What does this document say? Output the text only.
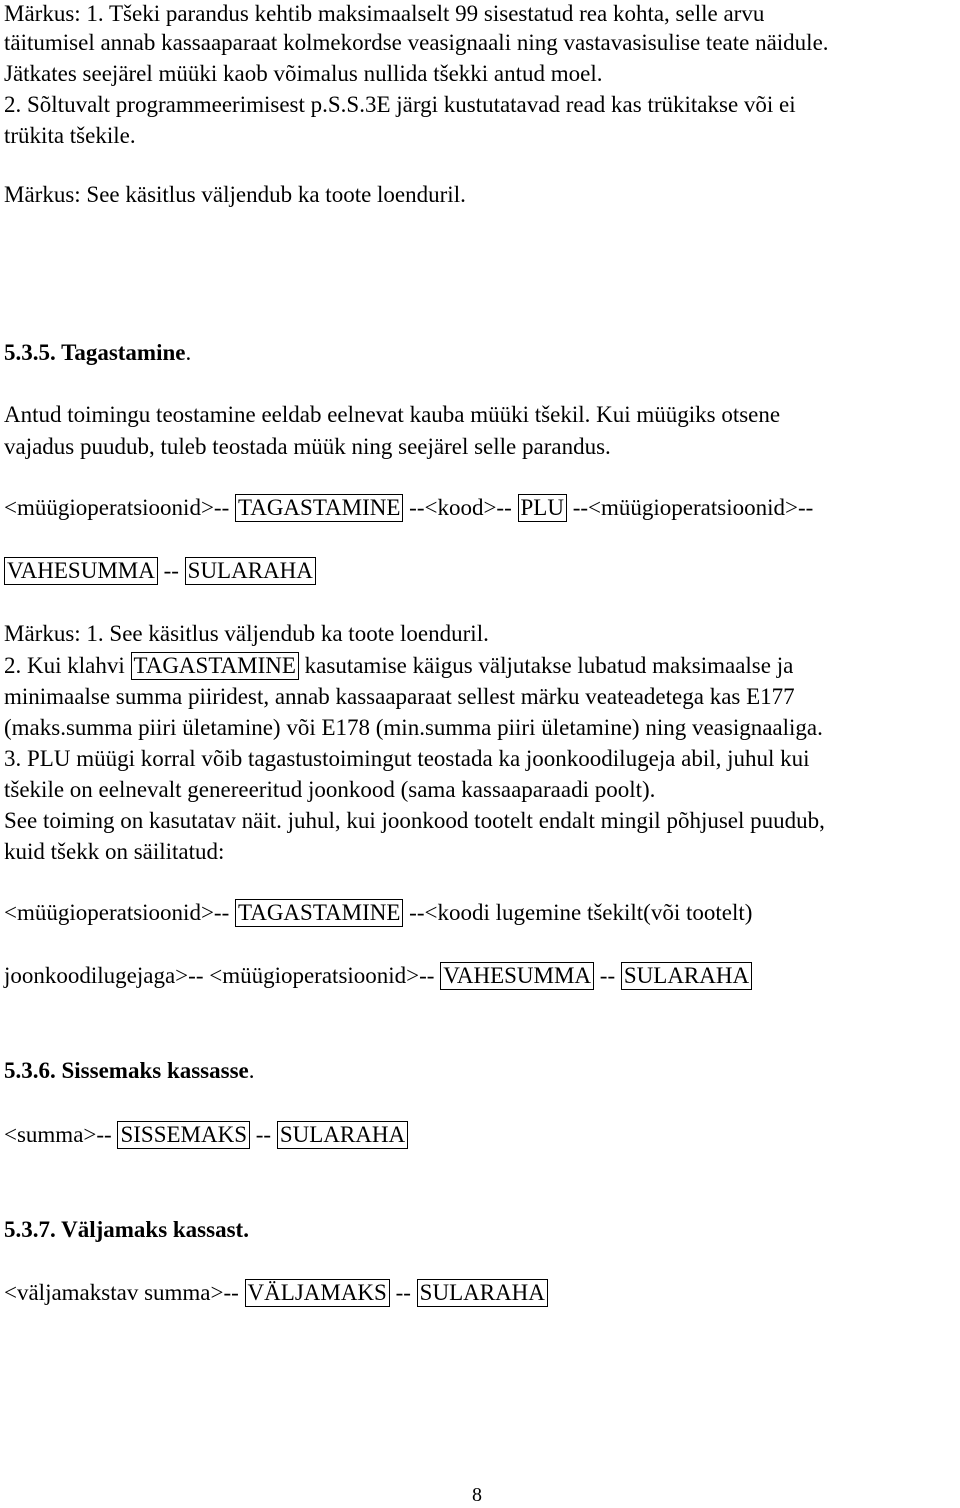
Märkus: 1. Tšeki parandus kehtib maksimaalselt 99 sisestatud rea kohta, selle arvu
täitumisel annab kassaaparaat kolmekordse veasignaali ning vastavasisulise teate näidule.
Jätkates seejärel müüki kaob võimalus nullida tšekki antud moel.
2. Sõltuvalt programmeerimisest p.S.S.3E järgi kustutatavad read kas trükitakse või ei
trükita tšekile.
Märkus: See käsitlus väljendub ka toote loenduril.
5.3.5. Tagastamine.
Antud toimingu teostamine eeldab eelnevat kauba müüki tšekil. Kui müügiks otsene
vajadus puudub, tuleb teostada müük ning seejärel selle parandus.
<müügioperatsioonid>-- TAGASTAMINE --<kood>-- PLU --<müügioperatsioonid>--
VAHESUMMA -- SULARAHA
Märkus: 1. See käsitlus väljendub ka toote loenduril.
2. Kui klahvi TAGASTAMINE kasutamise käigus väljutakse lubatud maksimaalse ja
minimaalse summa piiridest, annab kassaaparaat sellest märku veateadetega kas E177
(maks.summa piiri ületamine) või E178 (min.summa piiri ületamine) ning veasignaaliga.
3. PLU müügi korral võib tagastustoimingut teostada ka joonkoodilugeja abil, juhul kui
tšekile on eelnevalt genereeritud joonkood (sama kassaaparaadi poolt).
See toiming on kasutatav näit. juhul, kui joonkood tootelt endalt mingil põhjusel puudub,
kuid tšekk on säilitatud:
<müügioperatsioonid>-- TAGASTAMINE --<koodi lugemine tšekilt(või tootelt)
joonkoodilugejaga>-- <müügioperatsioonid>-- VAHESUMMA -- SULARAHA
5.3.6. Sissemaks kassasse.
<summa>-- SISSEMAKS -- SULARAHA
5.3.7. Väljamaks kassast.
<väljamakstav summa>-- VÄLJAMAKS -- SULARAHA
8
